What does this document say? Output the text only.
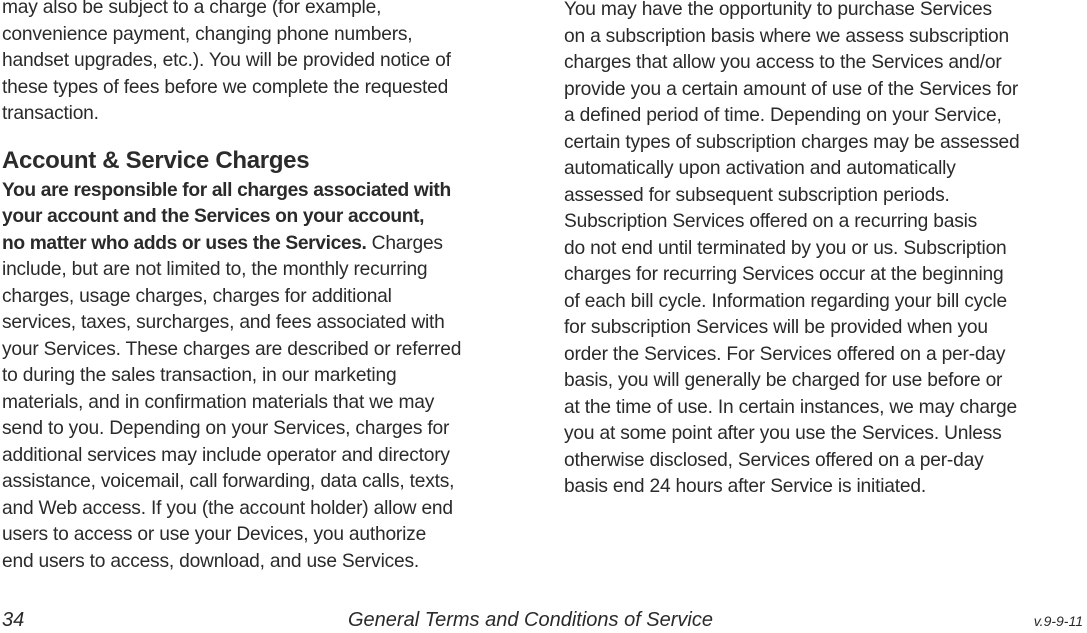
may also be subject to a charge (for example,
convenience payment, changing phone numbers,
handset upgrades, etc.). You will be provided notice of
these types of fees before we complete the requested
transaction.
Account & Service Charges
You are responsible for all charges associated with
your account and the Services on your account,
no matter who adds or uses the Services. Charges
include, but are not limited to, the monthly recurring
charges, usage charges, charges for additional
services, taxes, surcharges, and fees associated with
your Services. These charges are described or referred
to during the sales transaction, in our marketing
materials, and in confirmation materials that we may
send to you. Depending on your Services, charges for
additional services may include operator and directory
assistance, voicemail, call forwarding, data calls, texts,
and Web access. If you (the account holder) allow end
users to access or use your Devices, you authorize
end users to access, download, and use Services.
You may have the opportunity to purchase Services
on a subscription basis where we assess subscription
charges that allow you access to the Services and/or
provide you a certain amount of use of the Services for
a defined period of time. Depending on your Service,
certain types of subscription charges may be assessed
automatically upon activation and automatically
assessed for subsequent subscription periods.
Subscription Services offered on a recurring basis
do not end until terminated by you or us. Subscription
charges for recurring Services occur at the beginning
of each bill cycle. Information regarding your bill cycle
for subscription Services will be provided when you
order the Services. For Services offered on a per-day
basis, you will generally be charged for use before or
at the time of use. In certain instances, we may charge
you at some point after you use the Services. Unless
otherwise disclosed, Services offered on a per-day
basis end 24 hours after Service is initiated.
34	General Terms and Conditions of Service	v.9-9-11
